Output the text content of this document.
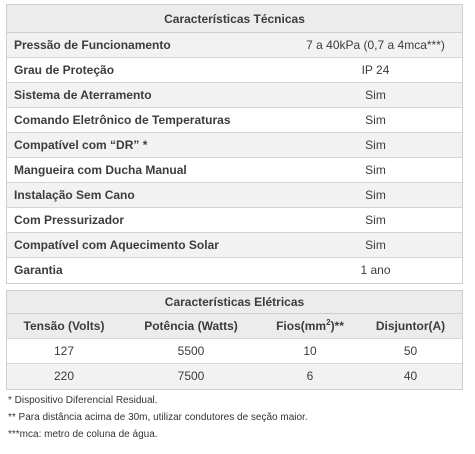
Características Técnicas
Pressão de Funcionamento	7 a 40kPa (0,7 a 4mca***)
Grau de Proteção	IP 24
Sistema de Aterramento	Sim
Comando Eletrônico de Temperaturas	Sim
Compatível com “DR” *	Sim
Mangueira com Ducha Manual	Sim
Instalação Sem Cano	Sim
Com Pressurizador	Sim
Compatível com Aquecimento Solar	Sim
Garantia	1 ano
Características Elétricas
Tensão (Volts)	Potência (Watts)	$Fios(mm^2)**$	Disjuntor(A)
127	5500	10	50
220	7500	6	40
* Dispositivo Diferencial Residual.
** Para distância acima de 30m, utilizar condutores de seção maior.
***mca: metro de coluna de água.
